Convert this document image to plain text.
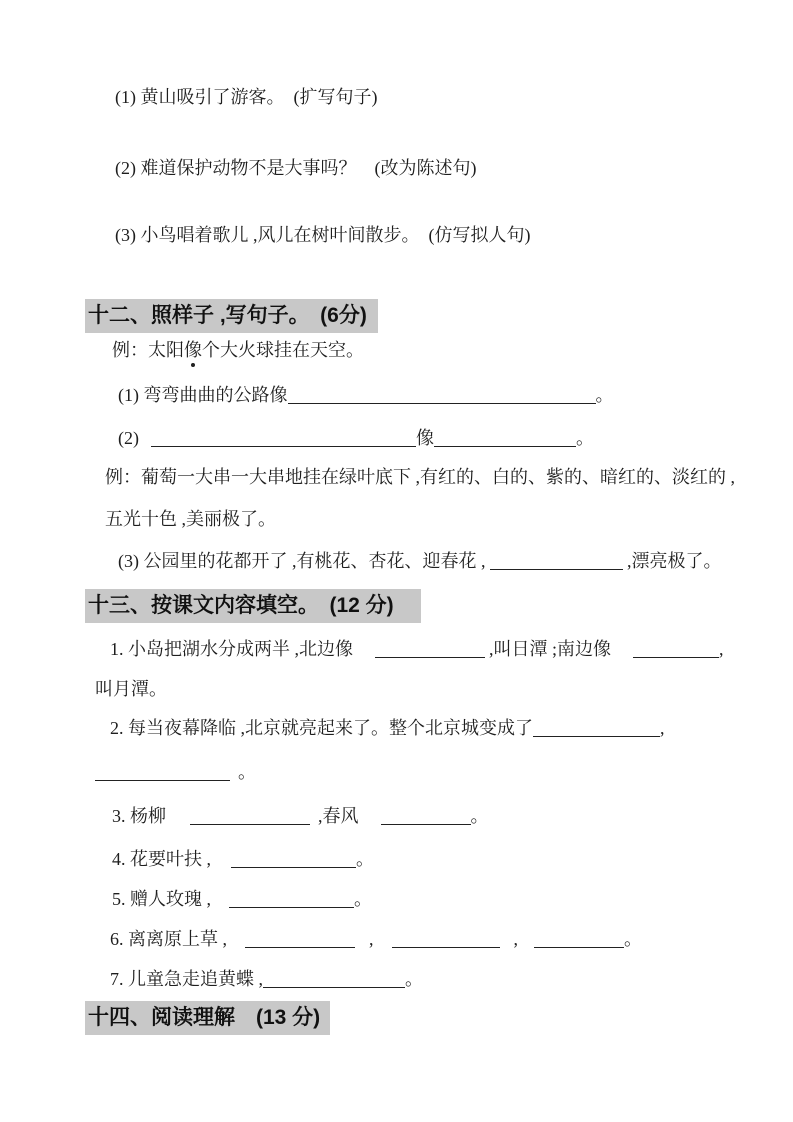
(1) 黄山吸引了游客。　(扩写句子)
(2) 难道保护动物不是大事吗？　(改为陈述句)
(3) 小鸟唱着歌儿 ,风儿在树叶间散步。　(仿写拟人句)
十二、照样子 ,写句子。　(6分)
例：太阳像个大火球挂在天空。
(1) 弯弯曲曲的公路像	。
(2)	像	。
例：葡萄一大串一大串地挂在绿叶底下 ,有红的、白的、紫的、暗红的、淡红的 ,
五光十色 ,美丽极了。
(3) 公园里的花都开了 ,有桃花、杏花、迎春花 ,	,漂亮极了。
十三、按课文内容填空。　(12 分)
1. 小岛把湖水分成两半 ,北边像	,叫日潭 ;南边像	,
叫月潭。
2. 每当夜幕降临 ,北京就亮起来了。整个北京城变成了	,
。
3. 杨柳	,春风	。
4. 花要叶扶 ,	。
5. 赠人玫瑰 ,	。
6. 离离原上草 ,	,	,	。
7. 儿童急走追黄蝶 ,	。
十四、阅读理解　(13 分)
